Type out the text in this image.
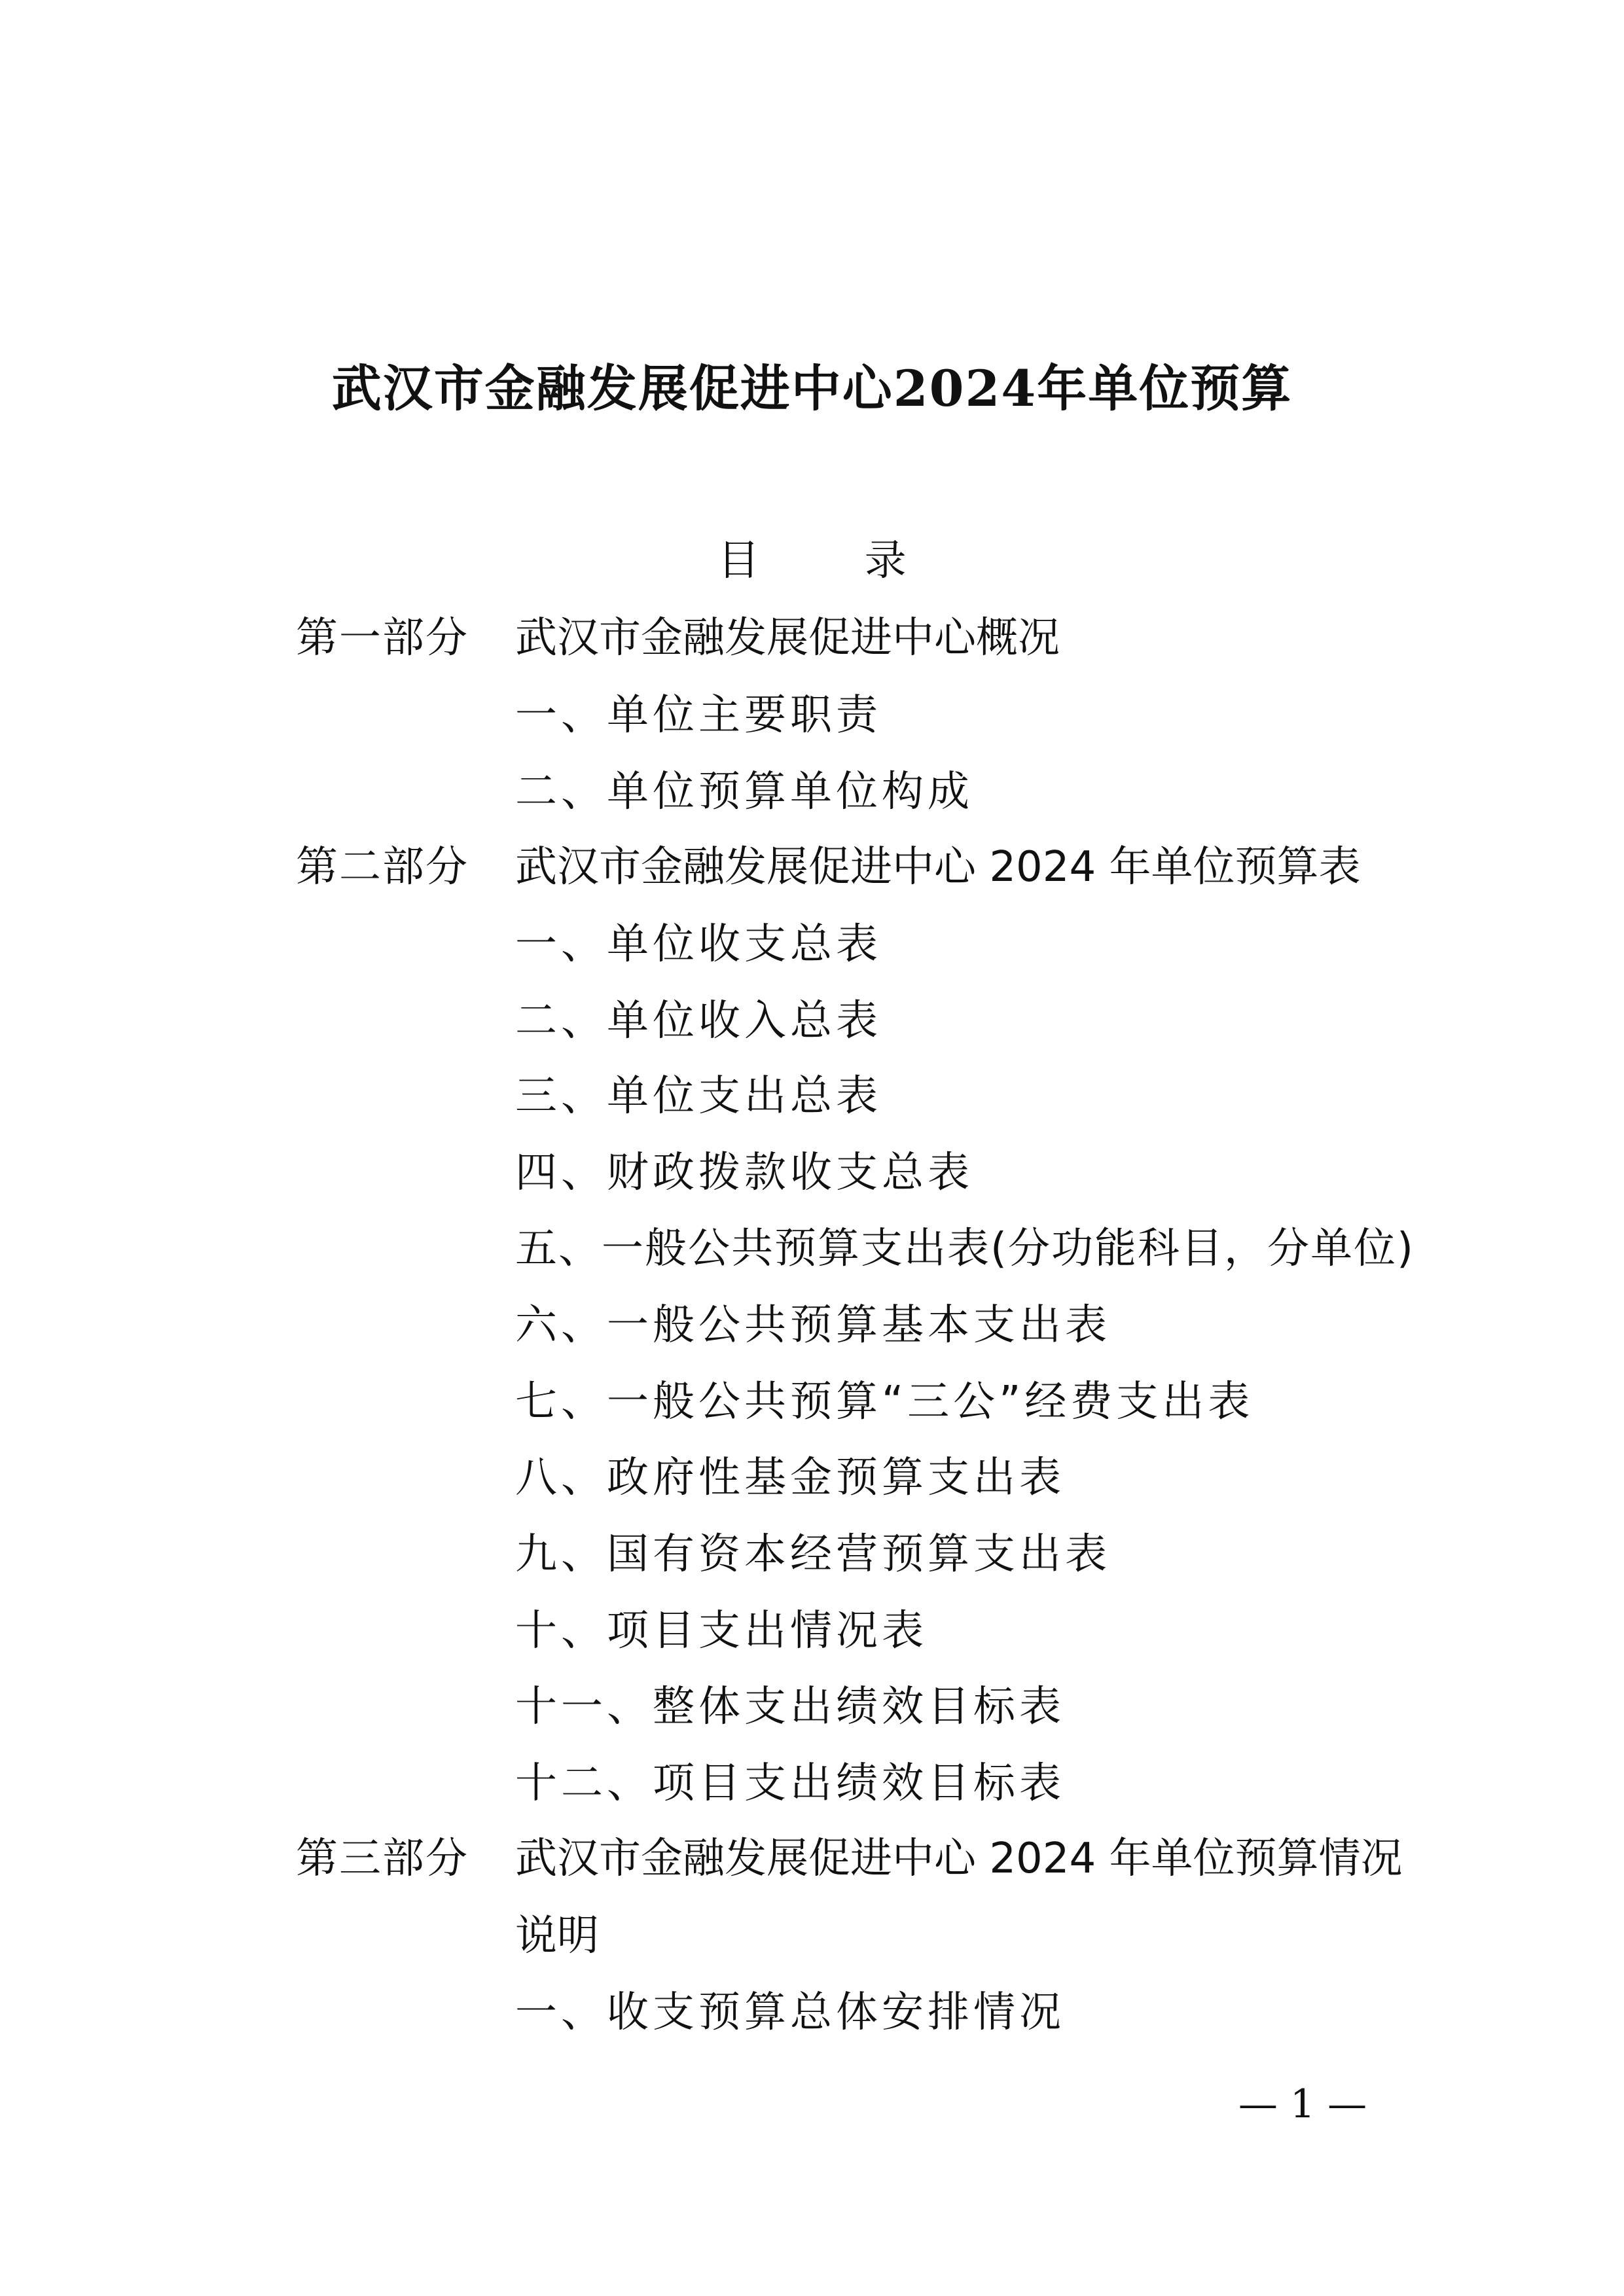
武汉市金融发展促进中心2024年单位预算
目 录
第一部分 武汉市金融发展促进中心概况
一、单位主要职责
二、单位预算单位构成
第二部分 武汉市金融发展促进中心 2024 年单位预算表
一、单位收支总表
二、单位收入总表
三、单位支出总表
四、财政拨款收支总表
五、一般公共预算支出表(分功能科目，分单位)
六、一般公共预算基本支出表
七、一般公共预算“三公”经费支出表
八、政府性基金预算支出表
九、国有资本经营预算支出表
十、项目支出情况表
十一、整体支出绩效目标表
十二、项目支出绩效目标表
第三部分 武汉市金融发展促进中心 2024 年单位预算情况
说明
一、收支预算总体安排情况
— 1 —
